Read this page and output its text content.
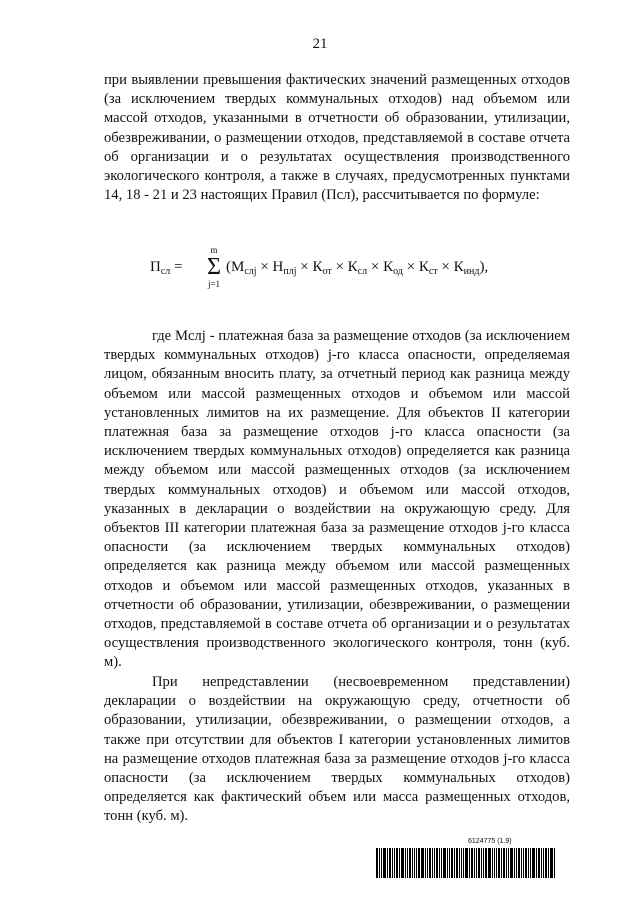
21
при выявлении превышения фактических значений размещенных отходов (за исключением твердых коммунальных отходов) над объемом или массой отходов, указанными в отчетности об образовании, утилизации, обезвреживании, о размещении отходов, представляемой в составе отчета об организации и о результатах осуществления производственного экологического контроля, а также в случаях, предусмотренных пунктами 14, 18 - 21 и 23 настоящих Правил (Псл), рассчитывается по формуле:
$П_{сл}$ =
m
Σ
j=1
$(М_{слj} \times Н_{плj} \times К_{от} \times К_{сл} \times К_{од} \times К_{ст} \times К_{инд})$,
где Мслj - платежная база за размещение отходов (за исключением твердых коммунальных отходов) j-го класса опасности, определяемая лицом, обязанным вносить плату, за отчетный период как разница между объемом или массой размещенных отходов и объемом или массой установленных лимитов на их размещение. Для объектов II категории платежная база за размещение отходов j-го класса опасности (за исключением твердых коммунальных отходов) определяется как разница между объемом или массой размещенных отходов (за исключением твердых коммунальных отходов) и объемом или массой отходов, указанных в декларации о воздействии на окружающую среду. Для объектов III категории платежная база за размещение отходов j-го класса опасности (за исключением твердых коммунальных отходов) определяется как разница между объемом или массой размещенных отходов и объемом или массой размещенных отходов, указанных в отчетности об образовании, утилизации, обезвреживании, о размещении отходов, представляемой в составе отчета об организации и о результатах осуществления производственного экологического контроля, тонн (куб. м).
При непредставлении (несвоевременном представлении) декларации о воздействии на окружающую среду, отчетности об образовании, утилизации, обезвреживании, о размещении отходов, а также при отсутствии для объектов I категории установленных лимитов на размещение отходов платежная база за размещение отходов j-го класса опасности (за исключением твердых коммунальных отходов) определяется как фактический объем или масса размещенных отходов, тонн (куб. м).
6124775 (1.9)
